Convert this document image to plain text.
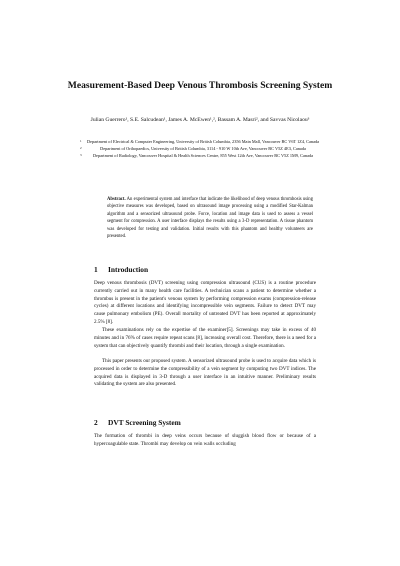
Measurement-Based Deep Venous Thrombosis Screening System
Julian Guerrero¹, S.E. Salcudean¹, James A. McEwen¹,², Bassam A. Masri², and Savvas Nicolaou³
1	Department of Electrical & Computer Engineering, University of British Columbia, 2356 Main Mall, Vancouver BC V6T 1Z4, Canada
2	Department of Orthopaedics, University of British Columbia, 3114 - 910 W 10th Ave, Vancouver BC V5Z 4E3, Canada
3	Department of Radiology, Vancouver Hospital & Health Sciences Centre, 855 West 12th Ave, Vancouver BC V5Z 1M9, Canada
Abstract. An experimental system and interface that indicate the likelihood of deep venous thrombosis using objective measures was developed, based on ultrasound image processing using a modified Star-Kalman algorithm and a sensorized ultrasound probe. Force, location and image data is used to assess a vessel segment for compression. A user interface displays the results using a 3-D representation. A tissue phantom was developed for testing and validation. Initial results with this phantom and healthy volunteers are presented.
1 Introduction
Deep venous thrombosis (DVT) screening using compression ultrasound (CUS) is a routine procedure currently carried out in many health care facilities. A technician scans a patient to determine whether a thrombus is present in the patient's venous system by performing compression exams (compression-release cycles) at different locations and identifying incompressible vein segments. Failure to detect DVT may cause pulmonary embolism (PE). Overall mortality of untreated DVT has been reported at approximately 2.5% [8].
These examinations rely on the expertise of the examiner[5]. Screenings may take in excess of 40 minutes and in 76% of cases require repeat scans [8], increasing overall cost. Therefore, there is a need for a system that can objectively quantify thrombi and their location, through a single examination.
This paper presents our proposed system. A sensorized ultrasound probe is used to acquire data which is processed in order to determine the compressibility of a vein segment by computing two DVT indices. The acquired data is displayed in 3-D through a user interface in an intuitive manner. Preliminary results validating the system are also presented.
2 DVT Screening System
The formation of thrombi in deep veins occurs because of sluggish blood flow or because of a hypercoagulable state. Thrombi may develop on vein walls occluding
